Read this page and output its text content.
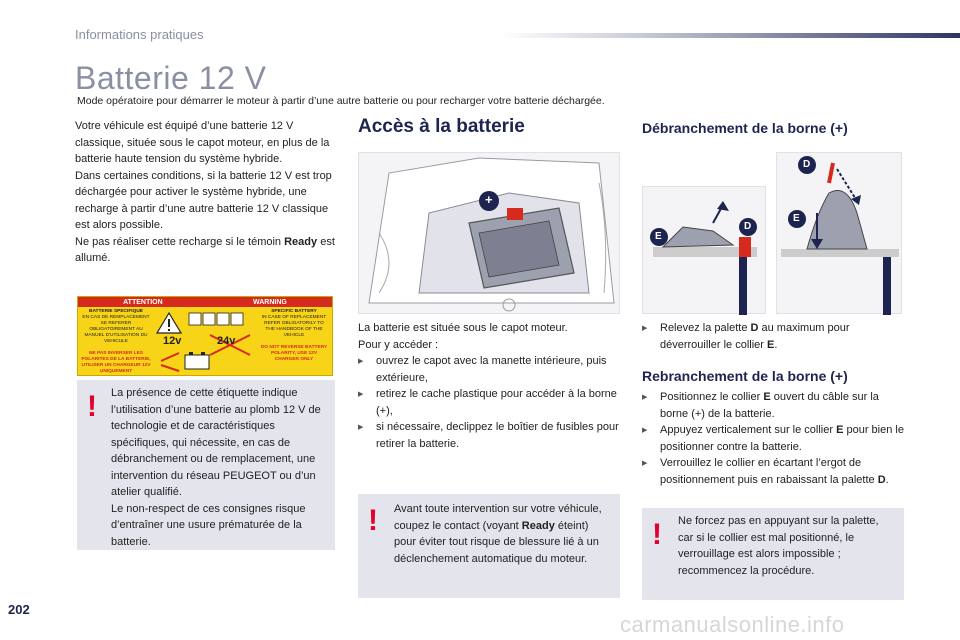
Informations pratiques
Batterie 12 V
Mode opératoire pour démarrer le moteur à partir d’une autre batterie ou pour recharger votre batterie déchargée.

Votre véhicule est équipé d’une batterie 12 V classique, située sous le capot moteur, en plus de la batterie haute tension du système hybride.

Dans certaines conditions, si la batterie 12 V est trop déchargée pour activer le système hybride, une recharge à partir d’une autre batterie 12 V classique est alors possible.

Ne pas réaliser cette recharge si le témoin Ready est allumé.

ATTENTION	WARNING
BATTERIE SPECIFIQUE
EN CAS DE REMPLACEMENT SE REFERER OBLIGATOIREMENT AU MANUEL D'UTILISATION DU VEHICULE
NE PAS INVERSER LES POLARITES DE LA BATTERIE, UTILISER UN CHARGEUR 12V UNIQUEMENT
12v	24v
SPECIFIC BATTERY
IN CASE OF REPLACEMENT REFER OBLIGATORILY TO THE HANDBOOK OF THE VEHICLE
DO NOT REVERSE BATTERY POLARITY, USE 12V CHARGER ONLY
! La présence de cette étiquette indique l’utilisation d’une batterie au plomb 12 V de technologie et de caractéristiques spécifiques, qui nécessite, en cas de débranchement ou de remplacement, une intervention du réseau PEUGEOT ou d’un atelier qualifié.

Le non-respect de ces consignes risque d’entraîner une usure prématurée de la batterie.

Accès à la batterie
+

La batterie est située sous le capot moteur.

Pour y accéder :

▶ ouvrez le capot avec la manette intérieure, puis extérieure,
▶ retirez le cache plastique pour accéder à la borne (+),
▶ si nécessaire, declippez le boîtier de fusibles pour retirer la batterie.
! Avant toute intervention sur votre véhicule, coupez le contact (voyant Ready éteint) pour éviter tout risque de blessure lié à un déclenchement automatique du moteur.
Débranchement de la borne (+)
E
D
D
E
▶ Relevez la palette D au maximum pour déverrouiller le collier E.
Rebranchement de la borne (+)
▶ Positionnez le collier E ouvert du câble sur la borne (+) de la batterie.
▶ Appuyez verticalement sur le collier E pour bien le positionner contre la batterie.
▶ Verrouillez le collier en écartant l’ergot de positionnement puis en rabaissant la palette D.
! Ne forcez pas en appuyant sur la palette, car si le collier est mal positionné, le verrouillage est alors impossible ; recommencez la procédure.
202
carmanualsonline.info
